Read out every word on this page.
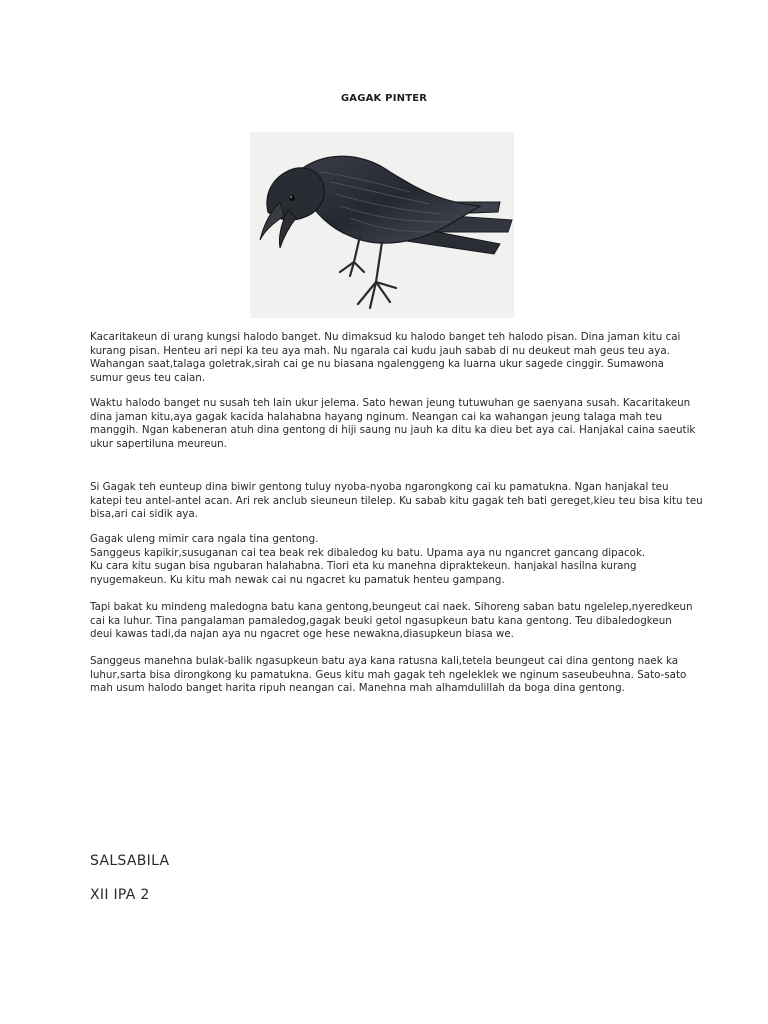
GAGAK PINTER

Kacaritakeun di urang kungsi halodo banget. Nu dimaksud ku halodo banget teh halodo pisan. Dina jaman kitu cai

kurang pisan. Henteu ari nepi ka teu aya mah. Nu ngarala cai kudu jauh sabab di nu deukeut mah geus teu aya.

Wahangan saat,talaga goletrak,sirah cai ge nu biasana ngalenggeng ka luarna ukur sagede cinggir. Sumawona

sumur geus teu caian.

Waktu halodo banget nu susah teh lain ukur jelema. Sato hewan jeung tutuwuhan ge saenyana susah. Kacaritakeun

dina jaman kitu,aya gagak kacida halahabna hayang nginum. Neangan cai ka wahangan jeung talaga mah teu

manggih. Ngan kabeneran atuh dina gentong di hiji saung nu jauh ka ditu ka dieu bet aya cai. Hanjakal caina saeutik

ukur sapertiluna meureun.

Si Gagak teh eunteup dina biwir gentong tuluy nyoba-nyoba ngarongkong cai ku pamatukna. Ngan hanjakal teu

katepi teu antel-antel acan. Ari rek anclub sieuneun tilelep. Ku sabab kitu gagak teh bati gereget,kieu teu bisa kitu teu

bisa,ari cai sidik aya.

Gagak uleng mimir cara ngala tina gentong.

Sanggeus kapikir,susuganan cai tea beak rek dibaledog ku batu. Upama aya nu ngancret gancang dipacok.

Ku cara kitu sugan bisa ngubaran halahabna. Tiori eta ku manehna dipraktekeun. hanjakal hasilna kurang

nyugemakeun. Ku kitu mah newak cai nu ngacret ku pamatuk henteu gampang.

Tapi bakat ku mindeng maledogna batu kana gentong,beungeut cai naek. Sihoreng saban batu ngelelep,nyeredkeun

cai ka luhur. Tina pangalaman pamaledog,gagak beuki getol ngasupkeun batu kana gentong. Teu dibaledogkeun

deui kawas tadi,da najan aya nu ngacret oge hese newakna,diasupkeun biasa we.

Sanggeus manehna bulak-balik ngasupkeun batu aya kana ratusna kali,tetela beungeut cai dina gentong naek ka

luhur,sarta bisa dirongkong ku pamatukna. Geus kitu mah gagak teh ngeleklek we nginum saseubeuhna. Sato-sato

mah usum halodo banget harita ripuh neangan cai. Manehna mah alhamdulillah da boga dina gentong.

SALSABILA
XII IPA 2
